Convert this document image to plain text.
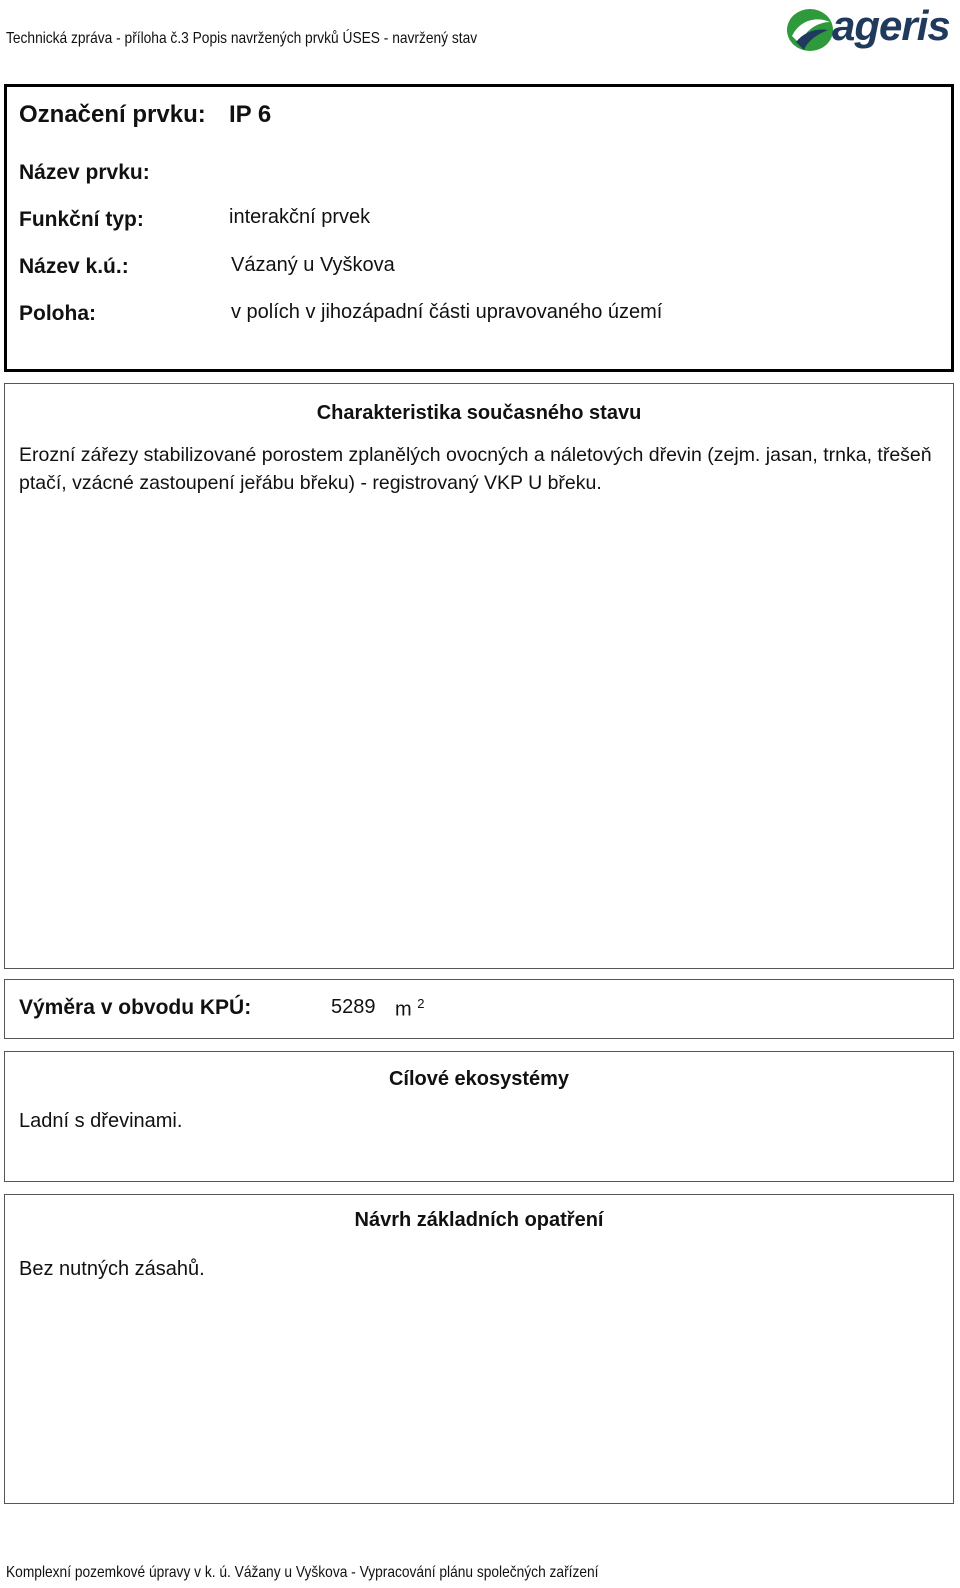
Technická zpráva - příloha č.3 Popis navržených prvků ÚSES - navržený stav	ageris
Označení prvku: IP 6
Název prvku:
Funkční typ:	interakční prvek
Název k.ú.:	Vázaný u Vyškova
Poloha:	v polích v jihozápadní části upravovaného území
Charakteristika současného stavu
Erozní zářezy stabilizované porostem zplanělých ovocných a náletových dřevin (zejm. jasan, trnka, třešeň ptačí, vzácné zastoupení jeřábu břeku) - registrovaný VKP U břeku.
Výměra v obvodu KPÚ:	5289 m $^2$
Cílové ekosystémy
Ladní s dřevinami.
Návrh základních opatření
Bez nutných zásahů.
Komplexní pozemkové úpravy v k. ú. Vážany u Vyškova - Vypracování plánu společných zařízení
